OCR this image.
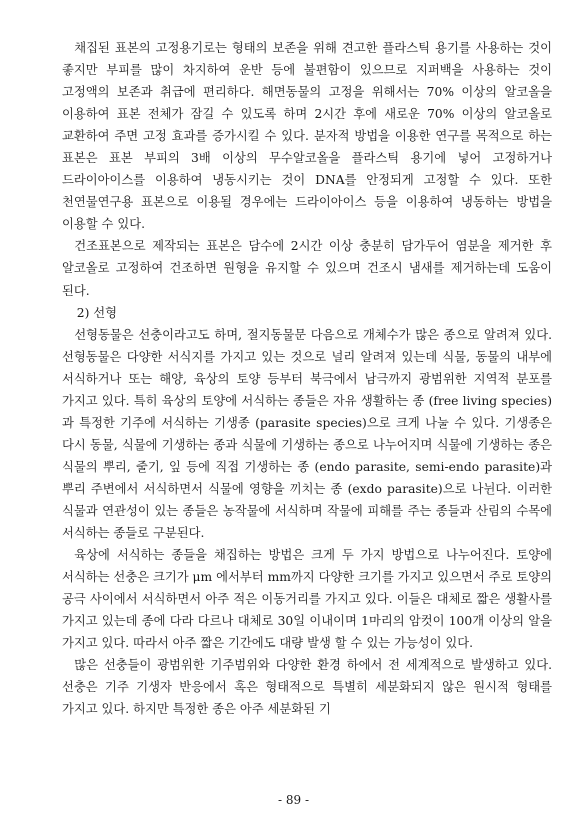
채집된 표본의 고정용기로는 형태의 보존을 위해 견고한 플라스틱 용기를 사용하는 것이 좋지만 부피를 많이 차지하여 운반 등에 불편함이 있으므로 지퍼백을 사용하는 것이 고정액의 보존과 취급에 편리하다. 해면동물의 고정을 위해서는 70% 이상의 알코올을 이용하여 표본 전체가 잠길 수 있도록 하며 2시간 후에 새로운 70% 이상의 알코올로 교환하여 주면 고정 효과를 증가시킬 수 있다. 분자적 방법을 이용한 연구를 목적으로 하는 표본은 표본 부피의 3배 이상의 무수알코올을 플라스틱 용기에 넣어 고정하거나 드라이아이스를 이용하여 냉동시키는 것이 DNA를 안정되게 고정할 수 있다. 또한 천연물연구용 표본으로 이용될 경우에는 드라이아이스 등을 이용하여 냉동하는 방법을 이용할 수 있다.

건조표본으로 제작되는 표본은 담수에 2시간 이상 충분히 담가두어 염분을 제거한 후 알코올로 고정하여 건조하면 원형을 유지할 수 있으며 건조시 냄새를 제거하는데 도움이 된다.

2) 선형

선형동물은 선충이라고도 하며, 절지동물문 다음으로 개체수가 많은 종으로 알려져 있다. 선형동물은 다양한 서식지를 가지고 있는 것으로 널리 알려져 있는데 식물, 동물의 내부에 서식하거나 또는 해양, 육상의 토양 등부터 북극에서 남극까지 광범위한 지역적 분포를 가지고 있다. 특히 육상의 토양에 서식하는 종들은 자유 생활하는 종 (free living species) 과 특정한 기주에 서식하는 기생종 (parasite species)으로 크게 나눌 수 있다. 기생종은 다시 동물, 식물에 기생하는 종과 식물에 기생하는 종으로 나누어지며 식물에 기생하는 종은 식물의 뿌리, 줄기, 잎 등에 직접 기생하는 종 (endo parasite, semi-endo parasite)과 뿌리 주변에서 서식하면서 식물에 영향을 끼치는 종 (exdo parasite)으로 나뉜다. 이러한 식물과 연관성이 있는 종들은 농작물에 서식하며 작물에 피해를 주는 종들과 산림의 수목에 서식하는 종들로 구분된다.

육상에 서식하는 종들을 채집하는 방법은 크게 두 가지 방법으로 나누어진다. 토양에 서식하는 선충은 크기가 μm 에서부터 mm까지 다양한 크기를 가지고 있으면서 주로 토양의 공극 사이에서 서식하면서 아주 적은 이동거리를 가지고 있다. 이들은 대체로 짧은 생활사를 가지고 있는데 종에 다라 다르나 대체로 30일 이내이며 1마리의 암컷이 100개 이상의 알을 가지고 있다. 따라서 아주 짧은 기간에도 대량 발생 할 수 있는 가능성이 있다.

많은 선충들이 광범위한 기주범위와 다양한 환경 하에서 전 세계적으로 발생하고 있다. 선충은 기주 기생자 반응에서 혹은 형태적으로 특별히 세분화되지 않은 원시적 형태를 가지고 있다. 하지만 특정한 종은 아주 세분화된 기

- 89 -
